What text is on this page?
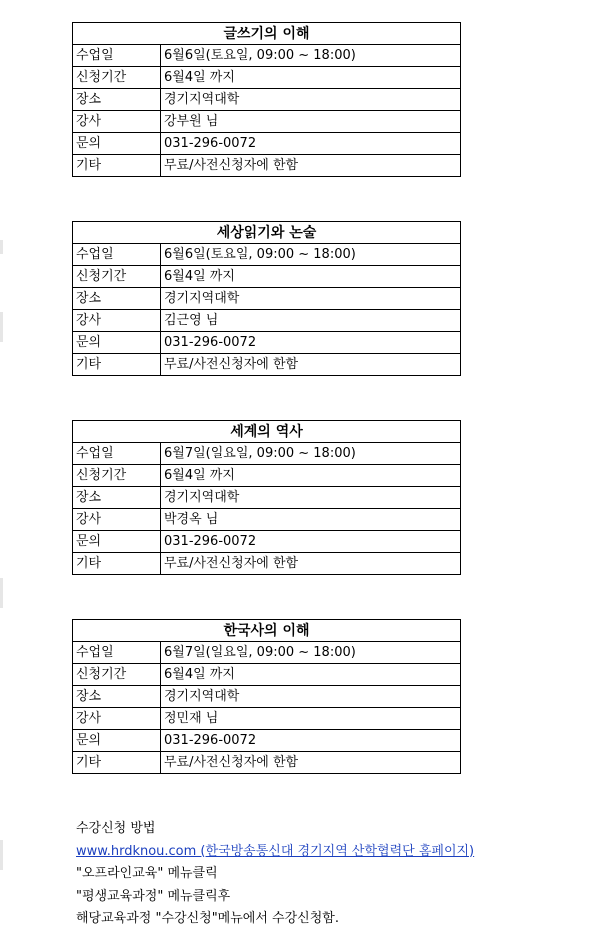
글쓰기의 이해	
수업일	6월6일(토요일, 09:00 ~ 18:00)
신청기간	6월4일 까지
장소	경기지역대학
강사	강부원 님
문의	031-296-0072
기타	무료/사전신청자에 한함
세상읽기와 논술	
수업일	6월6일(토요일, 09:00 ~ 18:00)
신청기간	6월4일 까지
장소	경기지역대학
강사	김근영 님
문의	031-296-0072
기타	무료/사전신청자에 한함
세계의 역사	
수업일	6월7일(일요일, 09:00 ~ 18:00)
신청기간	6월4일 까지
장소	경기지역대학
강사	박경옥 님
문의	031-296-0072
기타	무료/사전신청자에 한함
한국사의 이해	
수업일	6월7일(일요일, 09:00 ~ 18:00)
신청기간	6월4일 까지
장소	경기지역대학
강사	정민재 님
문의	031-296-0072
기타	무료/사전신청자에 한함
수강신청 방법
www.hrdknou.com (한국방송통신대 경기지역 산학협력단 홈페이지)
"오프라인교육" 메뉴클릭
"평생교육과정" 메뉴클릭후
해당교육과정 "수강신청"메뉴에서 수강신청함.
